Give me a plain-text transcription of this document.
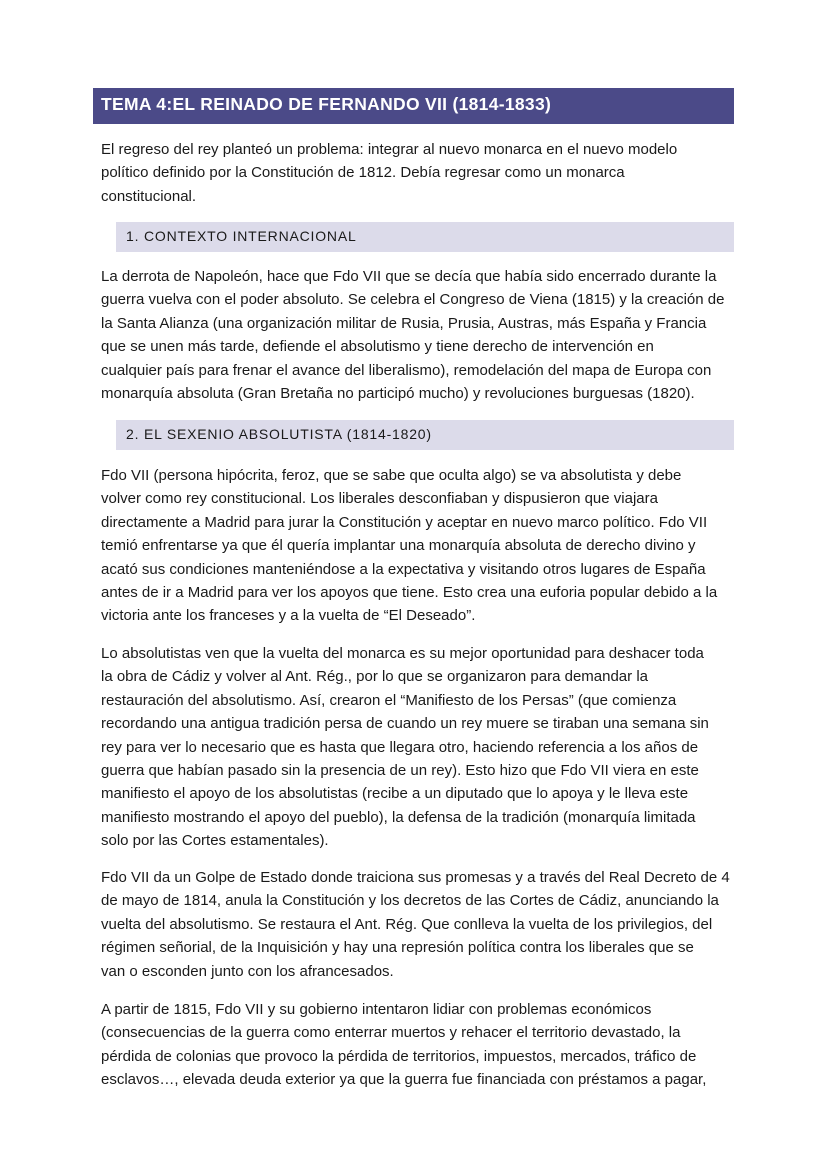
TEMA 4:EL REINADO DE FERNANDO VII (1814-1833)

El regreso del rey planteó un problema: integrar al nuevo monarca en el nuevo modelo
político definido por la Constitución de 1812. Debía regresar como un monarca
constitucional.

1. CONTEXTO INTERNACIONAL

La derrota de Napoleón, hace que Fdo VII que se decía que había sido encerrado durante la
guerra vuelva con el poder absoluto. Se celebra el Congreso de Viena (1815) y la creación de
la Santa Alianza (una organización militar de Rusia, Prusia, Austras, más España y Francia
que se unen más tarde, defiende el absolutismo y tiene derecho de intervención en
cualquier país para frenar el avance del liberalismo), remodelación del mapa de Europa con
monarquía absoluta (Gran Bretaña no participó mucho) y revoluciones burguesas (1820).

2. EL SEXENIO ABSOLUTISTA (1814-1820)

Fdo VII (persona hipócrita, feroz, que se sabe que oculta algo) se va absolutista y debe
volver como rey constitucional. Los liberales desconfiaban y dispusieron que viajara
directamente a Madrid para jurar la Constitución y aceptar en nuevo marco político. Fdo VII
temió enfrentarse ya que él quería implantar una monarquía absoluta de derecho divino y
acató sus condiciones manteniéndose a la expectativa y visitando otros lugares de España
antes de ir a Madrid para ver los apoyos que tiene. Esto crea una euforia popular debido a la
victoria ante los franceses y a la vuelta de “El Deseado”.

Lo absolutistas ven que la vuelta del monarca es su mejor oportunidad para deshacer toda
la obra de Cádiz y volver al Ant. Rég., por lo que se organizaron para demandar la
restauración del absolutismo. Así, crearon el “Manifiesto de los Persas” (que comienza
recordando una antigua tradición persa de cuando un rey muere se tiraban una semana sin
rey para ver lo necesario que es hasta que llegara otro, haciendo referencia a los años de
guerra que habían pasado sin la presencia de un rey). Esto hizo que Fdo VII viera en este
manifiesto el apoyo de los absolutistas (recibe a un diputado que lo apoya y le lleva este
manifiesto mostrando el apoyo del pueblo), la defensa de la tradición (monarquía limitada
solo por las Cortes estamentales).

Fdo VII da un Golpe de Estado donde traiciona sus promesas y a través del Real Decreto de 4
de mayo de 1814, anula la Constitución y los decretos de las Cortes de Cádiz, anunciando la
vuelta del absolutismo. Se restaura el Ant. Rég. Que conlleva la vuelta de los privilegios, del
régimen señorial, de la Inquisición y hay una represión política contra los liberales que se
van o esconden junto con los afrancesados.

A partir de 1815, Fdo VII y su gobierno intentaron lidiar con problemas económicos
(consecuencias de la guerra como enterrar muertos y rehacer el territorio devastado, la
pérdida de colonias que provoco la pérdida de territorios, impuestos, mercados, tráfico de
esclavos…, elevada deuda exterior ya que la guerra fue financiada con préstamos a pagar,
